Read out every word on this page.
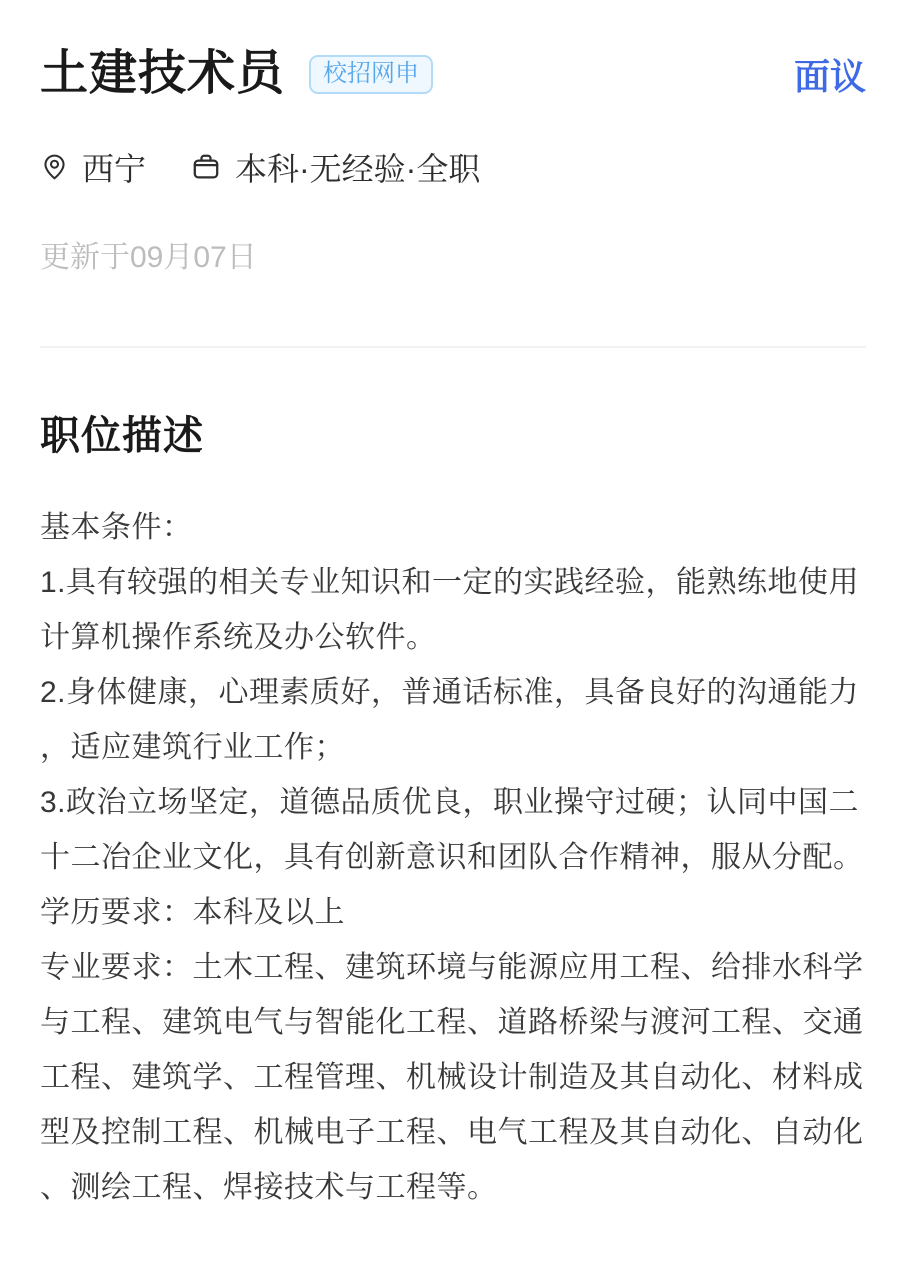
土建技术员	校招网申	面议
西宁	本科·无经验·全职
更新于09月07日
职位描述

基本条件：

1.具有较强的相关专业知识和一定的实践经验，能熟练地使用计算机操作系统及办公软件。

2.身体健康，心理素质好，普通话标准，具备良好的沟通能力，适应建筑行业工作；

3.政治立场坚定，道德品质优良，职业操守过硬；认同中国二十二冶企业文化，具有创新意识和团队合作精神，服从分配。

学历要求：本科及以上

专业要求：土木工程、建筑环境与能源应用工程、给排水科学与工程、建筑电气与智能化工程、道路桥梁与渡河工程、交通工程、建筑学、工程管理、机械设计制造及其自动化、材料成型及控制工程、机械电子工程、电气工程及其自动化、自动化、测绘工程、焊接技术与工程等。
